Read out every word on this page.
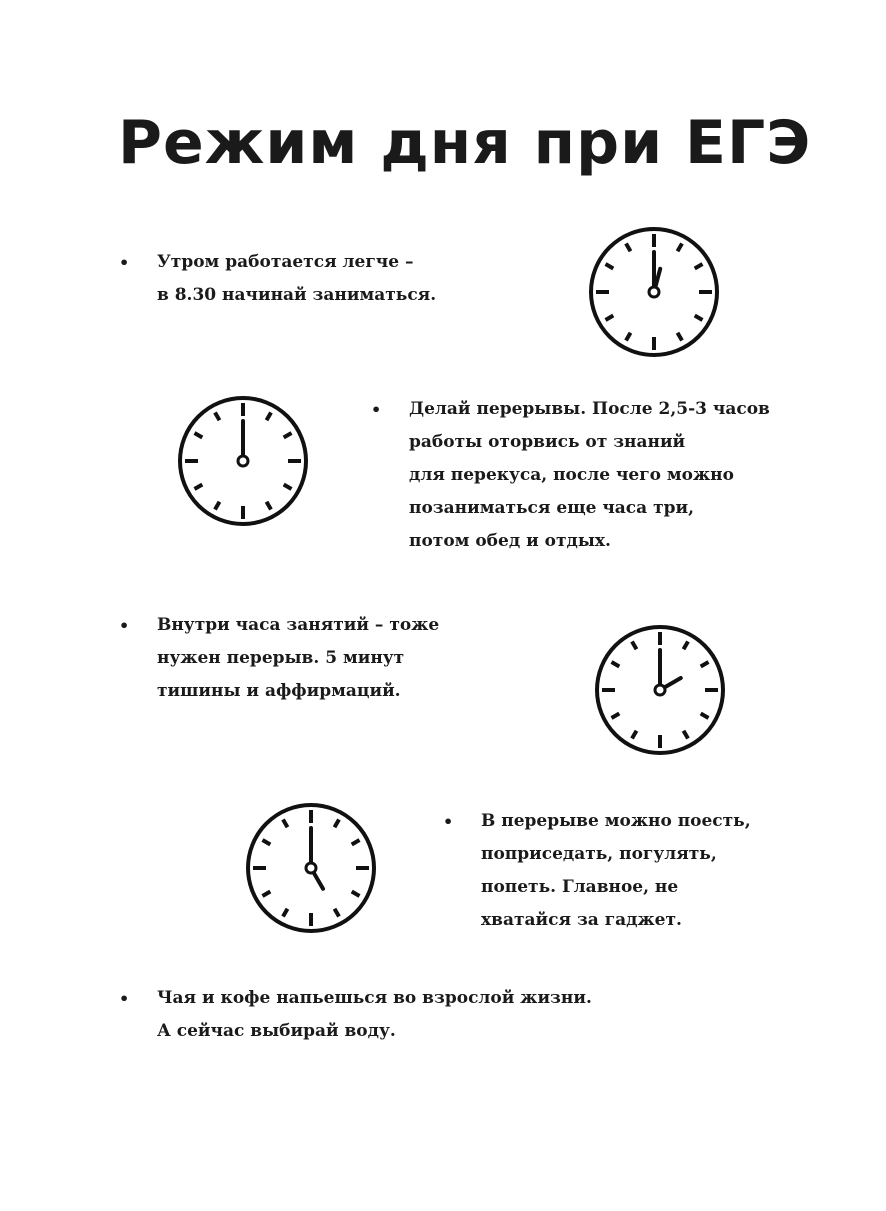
Режим дня при ЕГЭ
• Утром работается легче –
в 8.30 начинай заниматься.
• Делай перерывы. После 2,5-3 часов
работы оторвись от знаний
для перекуса, после чего можно
позаниматься еще часа три,
потом обед и отдых.
• Внутри часа занятий – тоже
нужен перерыв. 5 минут
тишины и аффирмаций.
• В перерыве можно поесть,
поприседать, погулять,
попеть. Главное, не
хватайся за гаджет.
• Чая и кофе напьешься во взрослой жизни.
А сейчас выбирай воду.
